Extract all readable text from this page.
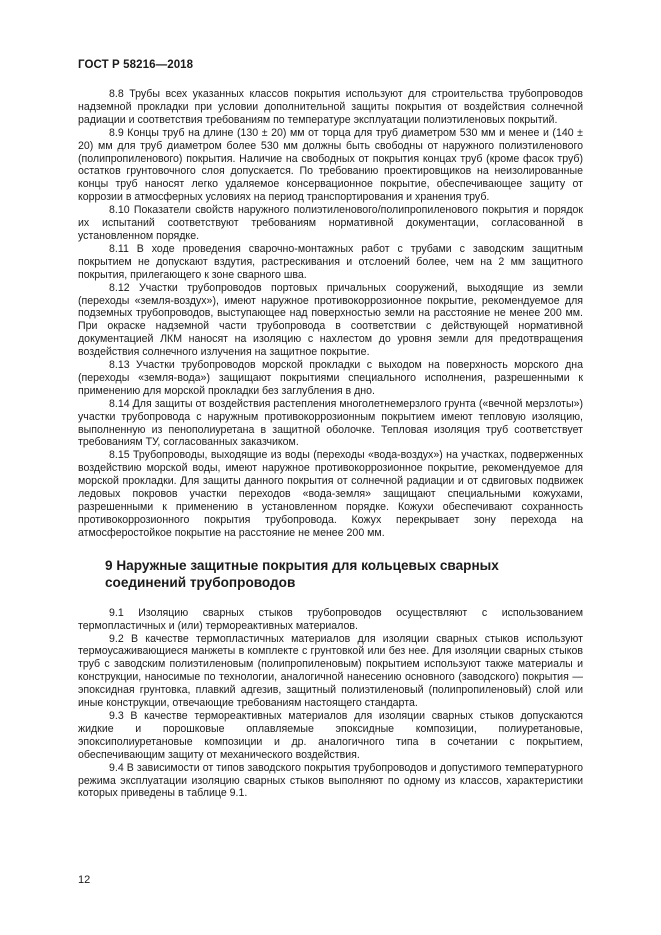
ГОСТ Р 58216—2018

8.8 Трубы всех указанных классов покрытия используют для строительства трубопроводов надземной прокладки при условии дополнительной защиты покрытия от воздействия солнечной радиации и соответствия требованиям по температуре эксплуатации полиэтиленовых покрытий.

8.9 Концы труб на длине (130 ± 20) мм от торца для труб диаметром 530 мм и менее и (140 ± 20) мм для труб диаметром более 530 мм должны быть свободны от наружного полиэтиленового (полипропиленового) покрытия. Наличие на свободных от покрытия концах труб (кроме фасок труб) остатков грунтовочного слоя допускается. По требованию проектировщиков на неизолированные концы труб наносят легко удаляемое консервационное покрытие, обеспечивающее защиту от коррозии в атмосферных условиях на период транспортирования и хранения труб.

8.10 Показатели свойств наружного полиэтиленового/полипропиленового покрытия и порядок их испытаний соответствуют требованиям нормативной документации, согласованной в установленном порядке.

8.11 В ходе проведения сварочно-монтажных работ с трубами с заводским защитным покрытием не допускают вздутия, растрескивания и отслоений более, чем на 2 мм защитного покрытия, прилегающего к зоне сварного шва.

8.12 Участки трубопроводов портовых причальных сооружений, выходящие из земли (переходы «земля-воздух»), имеют наружное противокоррозионное покрытие, рекомендуемое для подземных трубопроводов, выступающее над поверхностью земли на расстояние не менее 200 мм. При окраске надземной части трубопровода в соответствии с действующей нормативной документацией ЛКМ наносят на изоляцию с нахлестом до уровня земли для предотвращения воздействия солнечного излучения на защитное покрытие.

8.13 Участки трубопроводов морской прокладки с выходом на поверхность морского дна (переходы «земля-вода») защищают покрытиями специального исполнения, разрешенными к применению для морской прокладки без заглубления в дно.

8.14 Для защиты от воздействия растепления многолетнемерзлого грунта («вечной мерзлоты») участки трубопровода с наружным противокоррозионным покрытием имеют тепловую изоляцию, выполненную из пенополиуретана в защитной оболочке. Тепловая изоляция труб соответствует требованиям ТУ, согласованных заказчиком.

8.15 Трубопроводы, выходящие из воды (переходы «вода-воздух») на участках, подверженных воздействию морской воды, имеют наружное противокоррозионное покрытие, рекомендуемое для морской прокладки. Для защиты данного покрытия от солнечной радиации и от сдвиговых подвижек ледовых покровов участки переходов «вода-земля» защищают специальными кожухами, разрешенными к применению в установленном порядке. Кожухи обеспечивают сохранность противокоррозионного покрытия трубопровода. Кожух перекрывает зону перехода на атмосферостойкое покрытие на расстояние не менее 200 мм.

9 Наружные защитные покрытия для кольцевых сварных соединений трубопроводов

9.1 Изоляцию сварных стыков трубопроводов осуществляют с использованием термопластичных и (или) термореактивных материалов.

9.2 В качестве термопластичных материалов для изоляции сварных стыков используют термоусаживающиеся манжеты в комплекте с грунтовкой или без нее. Для изоляции сварных стыков труб с заводским полиэтиленовым (полипропиленовым) покрытием используют также материалы и конструкции, наносимые по технологии, аналогичной нанесению основного (заводского) покрытия — эпоксидная грунтовка, плавкий адгезив, защитный полиэтиленовый (полипропиленовый) слой или иные конструкции, отвечающие требованиям настоящего стандарта.

9.3 В качестве термореактивных материалов для изоляции сварных стыков допускаются жидкие и порошковые оплавляемые эпоксидные композиции, полиуретановые, эпоксиполиуретановые композиции и др. аналогичного типа в сочетании с покрытием, обеспечивающим защиту от механического воздействия.

9.4 В зависимости от типов заводского покрытия трубопроводов и допустимого температурного режима эксплуатации изоляцию сварных стыков выполняют по одному из классов, характеристики которых приведены в таблице 9.1.

12
